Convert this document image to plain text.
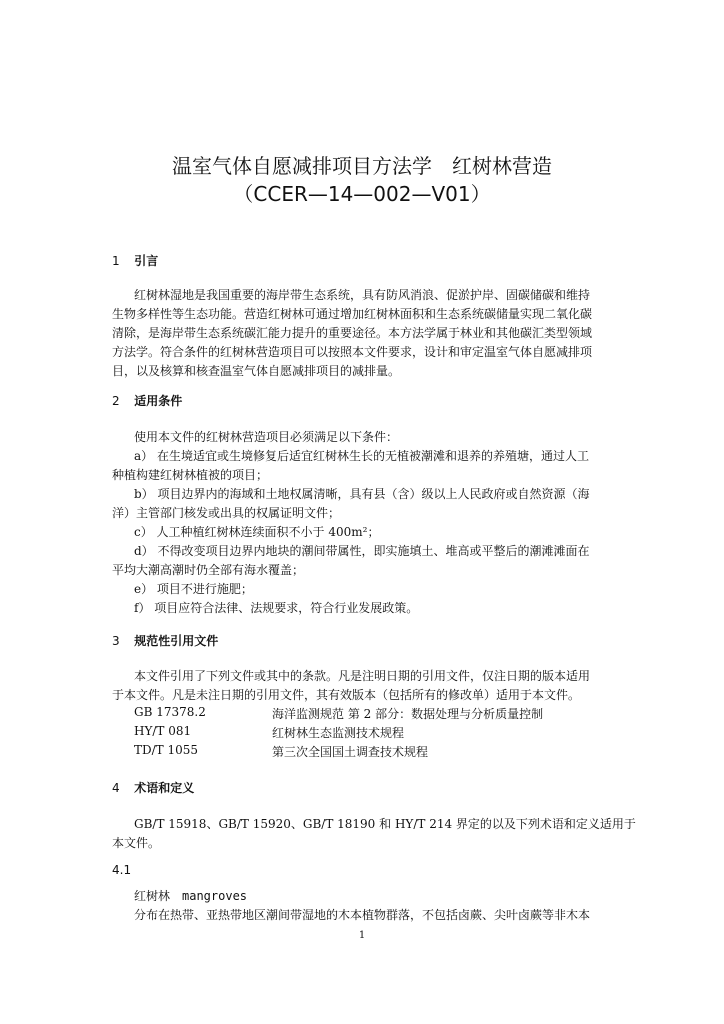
温室气体自愿减排项目方法学　红树林营造
（CCER—14—002—V01）
1 引言
红树林湿地是我国重要的海岸带生态系统，具有防风消浪、促淤护岸、固碳储碳和维持
生物多样性等生态功能。营造红树林可通过增加红树林面积和生态系统碳储量实现二氧化碳
清除，是海岸带生态系统碳汇能力提升的重要途径。本方法学属于林业和其他碳汇类型领域
方法学。符合条件的红树林营造项目可以按照本文件要求，设计和审定温室气体自愿减排项
目，以及核算和核查温室气体自愿减排项目的减排量。
2 适用条件
使用本文件的红树林营造项目必须满足以下条件：
a） 在生境适宜或生境修复后适宜红树林生长的无植被潮滩和退养的养殖塘，通过人工
种植构建红树林植被的项目；
b） 项目边界内的海域和土地权属清晰，具有县（含）级以上人民政府或自然资源（海
洋）主管部门核发或出具的权属证明文件；
c） 人工种植红树林连续面积不小于 400m²；
d） 不得改变项目边界内地块的潮间带属性，即实施填土、堆高或平整后的潮滩滩面在
平均大潮高潮时仍全部有海水覆盖；
e） 项目不进行施肥；
f） 项目应符合法律、法规要求，符合行业发展政策。
3 规范性引用文件
本文件引用了下列文件或其中的条款。凡是注明日期的引用文件，仅注日期的版本适用
于本文件。凡是未注日期的引用文件，其有效版本（包括所有的修改单）适用于本文件。
GB 17378.2	海洋监测规范 第 2 部分：数据处理与分析质量控制
HY/T 081	红树林生态监测技术规程
TD/T 1055	第三次全国国土调查技术规程
4 术语和定义
GB/T 15918、GB/T 15920、GB/T 18190 和 HY/T 214 界定的以及下列术语和定义适用于
本文件。
4.1
红树林　mangroves
分布在热带、亚热带地区潮间带湿地的木本植物群落，不包括卤蕨、尖叶卤蕨等非木本
1
